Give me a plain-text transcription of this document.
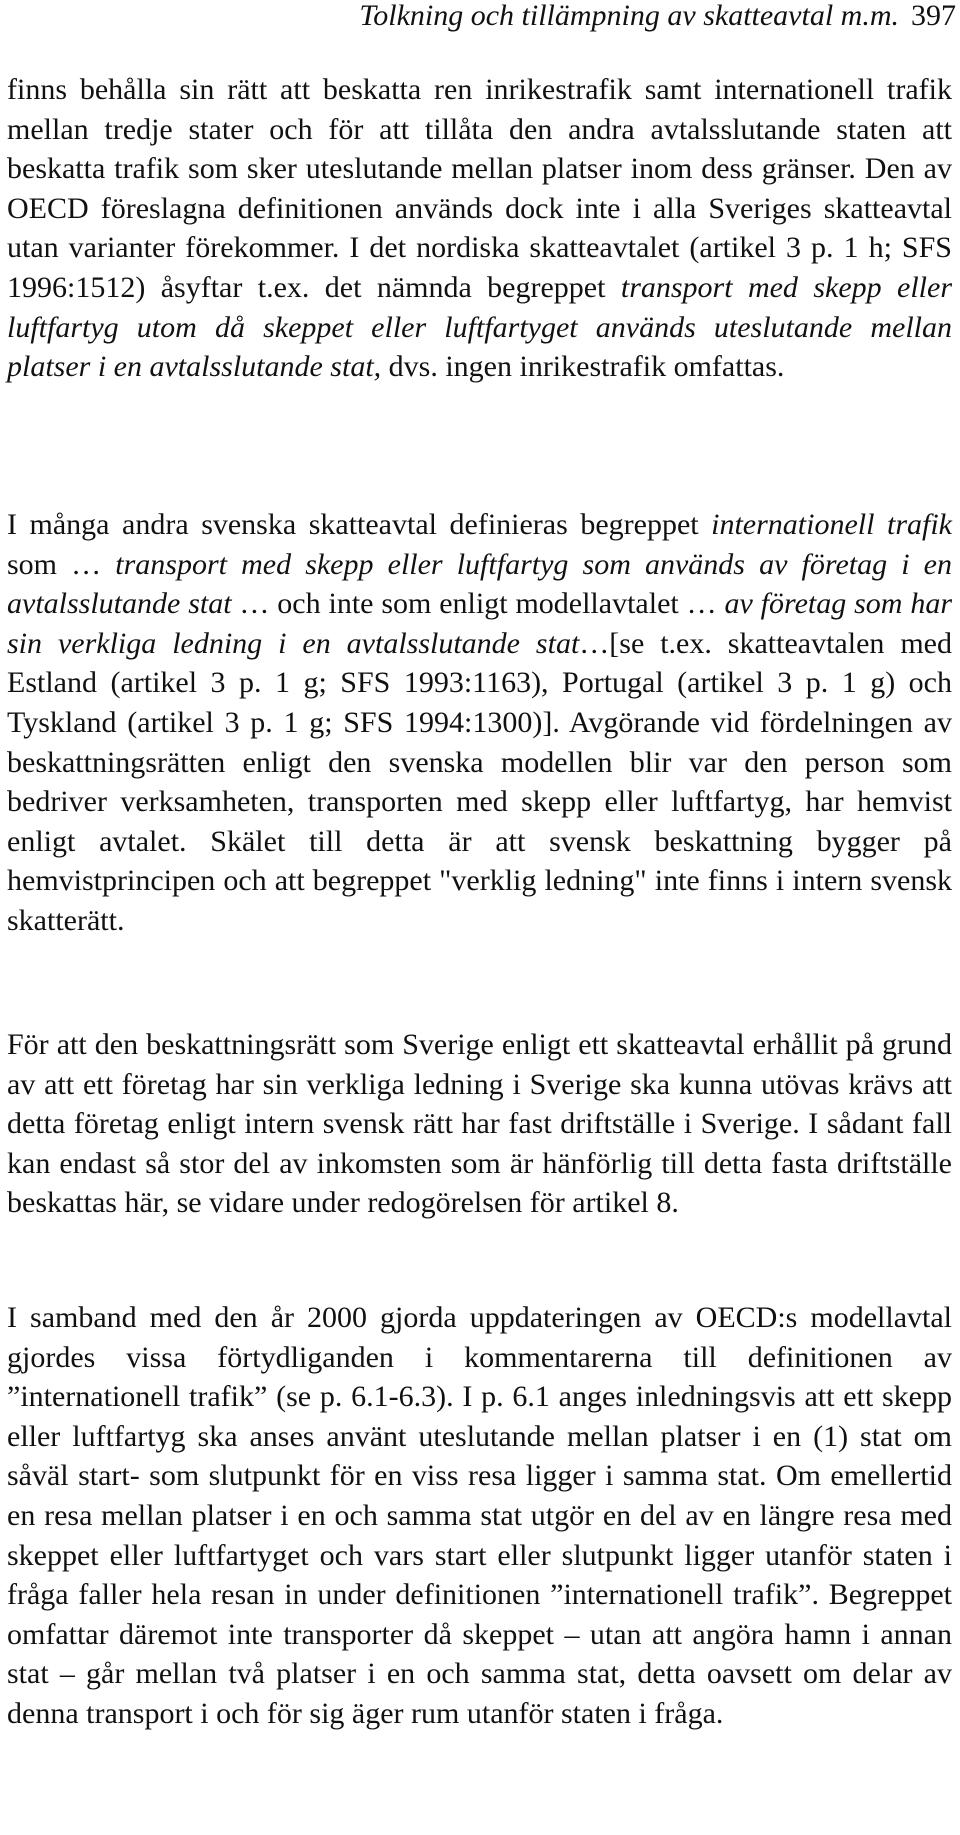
Tolkning och tillämpning av skatteavtal m.m. 397

finns behålla sin rätt att beskatta ren inrikestrafik samt internationell trafik mellan tredje stater och för att tillåta den andra avtalsslutande staten att beskatta trafik som sker uteslutande mellan platser inom dess gränser. Den av OECD föreslagna definitionen används dock inte i alla Sveriges skatteavtal utan varianter förekommer. I det nordiska skatteavtalet (artikel 3 p. 1 h; SFS 1996:1512) åsyftar t.ex. det nämnda begreppet transport med skepp eller luftfartyg utom då skeppet eller luftfartyget används uteslutande mellan platser i en avtalsslutande stat, dvs. ingen inrikestrafik omfattas.

I många andra svenska skatteavtal definieras begreppet internationell trafik som … transport med skepp eller luftfartyg som används av företag i en avtalsslutande stat … och inte som enligt modellavtalet … av företag som har sin verkliga ledning i en avtalsslutande stat…[se t.ex. skatteavtalen med Estland (artikel 3 p. 1 g; SFS 1993:1163), Portugal (artikel 3 p. 1 g) och Tyskland (artikel 3 p. 1 g; SFS 1994:1300)]. Avgörande vid fördelningen av beskattningsrätten enligt den svenska modellen blir var den person som bedriver verksamheten, transporten med skepp eller luftfartyg, har hemvist enligt avtalet. Skälet till detta är att svensk beskattning bygger på hemvistprincipen och att begreppet "verklig ledning" inte finns i intern svensk skatterätt.

För att den beskattningsrätt som Sverige enligt ett skatteavtal erhållit på grund av att ett företag har sin verkliga ledning i Sverige ska kunna utövas krävs att detta företag enligt intern svensk rätt har fast driftställe i Sverige. I sådant fall kan endast så stor del av inkomsten som är hänförlig till detta fasta driftställe beskattas här, se vidare under redogörelsen för artikel 8.

I samband med den år 2000 gjorda uppdateringen av OECD:s modellavtal gjordes vissa förtydliganden i kommentarerna till definitionen av ”internationell trafik” (se p. 6.1-6.3). I p. 6.1 anges inledningsvis att ett skepp eller luftfartyg ska anses använt uteslutande mellan platser i en (1) stat om såväl start- som slutpunkt för en viss resa ligger i samma stat. Om emellertid en resa mellan platser i en och samma stat utgör en del av en längre resa med skeppet eller luftfartyget och vars start eller slutpunkt ligger utanför staten i fråga faller hela resan in under definitionen ”internationell trafik”. Begreppet omfattar däremot inte transporter då skeppet – utan att angöra hamn i annan stat – går mellan två platser i en och samma stat, detta oavsett om delar av denna transport i och för sig äger rum utanför staten i fråga.
